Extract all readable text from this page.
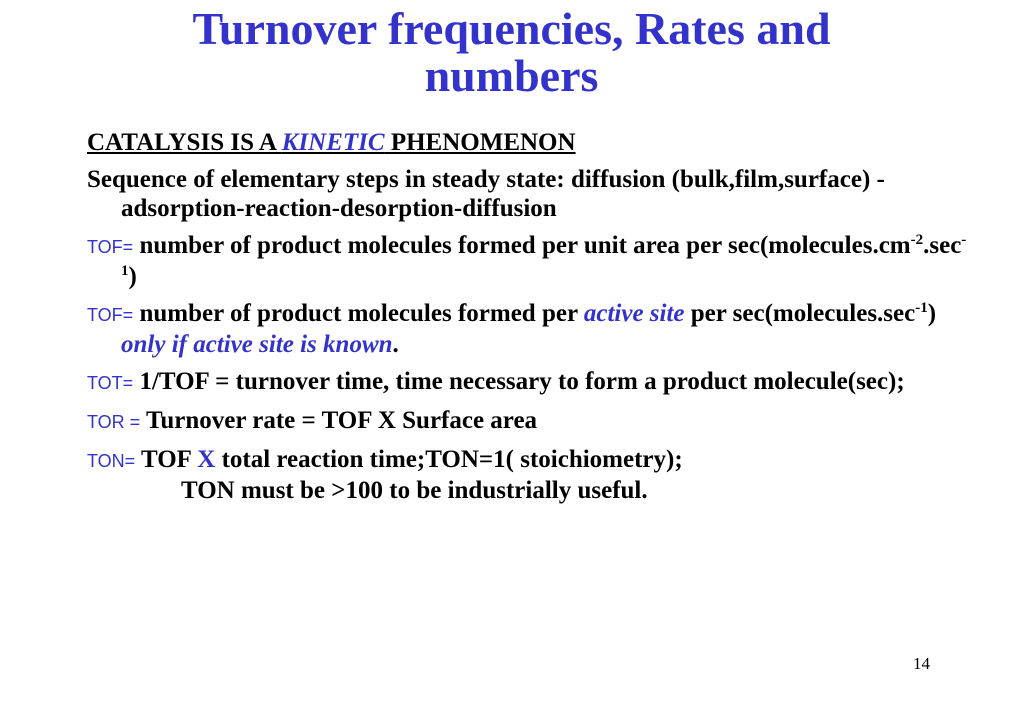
Turnover frequencies, Rates and
numbers

CATALYSIS IS A KINETIC PHENOMENON

Sequence of elementary steps in steady state: diffusion (bulk,film,surface) - adsorption-reaction-desorption-diffusion

TOF= number of product molecules formed per unit area per $\sec(molecules.cm^{-2}.\sec^{-1})$

TOF= number of product molecules formed per active site per $\sec(molecules.\sec^{-1})$ only if active site is known.

TOT= 1/TOF = turnover time, time necessary to form a product molecule(sec);

TOR = Turnover rate = TOF X Surface area

TON= TOF X total reaction time;TON=1( stoichiometry);

TON must be >100 to be industrially useful.

14
